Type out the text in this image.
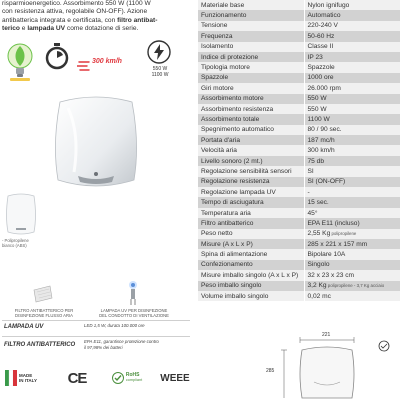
risparmioenergetico. Assorbimento 550 W (1100 W
con resistenza attiva, regolabile ON-OFF). Azione
antibatterica integrata e certificata, con filtro antibat-
terico e lampada UV come dotazione di serie.
300 km/h
550 W
1100 W
- Polipropilene
bianco (ABS)
FILTRO ANTIBATTERICO PER
DISINFEZIONE FLUSSO ARIA
LAMPADA UV PER DISINFEZIONE
DEL CONDOTTO DI VENTILAZIONE
LAMPADA UV	LED 1,5 W, durata 100.000 ore
FILTRO ANTIBATTERICO
EPA E11, garantisce protezione contro
il 97,98% dei batteri
MADE
IN ITALY CE	RoHS
compliant WEEE
Materiale base	Nylon ignifugo
Funzionamento	Automatico
Tensione	220-240 V
Frequenza	50-60 Hz
Isolamento	Classe II
Indice di protezione	IP 23
Tipologia motore	Spazzole
Spazzole	1000 ore
Giri motore	26.000 rpm
Assorbimento motore	550 W
Assorbimento resistenza	550 W
Assorbimento totale	1100 W
Spegnimento automatico	80 / 90 sec.
Portata d'aria	187 mc/h
Velocità aria	300 km/h
Livello sonoro (2 mt.)	75 db
Regolazione sensibilità sensori	SI
Regolazione resistenza	SI (ON-OFF)
Regolazione lampada UV	-
Tempo di asciugatura	15 sec.
Temperatura aria	45°
Filtro antibatterico	EPA E11 (incluso)
Peso netto	2,55 Kg polipropilene
Misure (A x L x P)	285 x 221 x 157 mm
Spina di alimentazione	Bipolare 10A
Confezionamento	Singolo
Misure imballo singolo (A x L x P)	32 x 23 x 23 cm
Peso imballo singolo	3,2 Kg polipropilene - 3,7 Kg acciaio
Volume imballo singolo	0,02 mc
221
285
